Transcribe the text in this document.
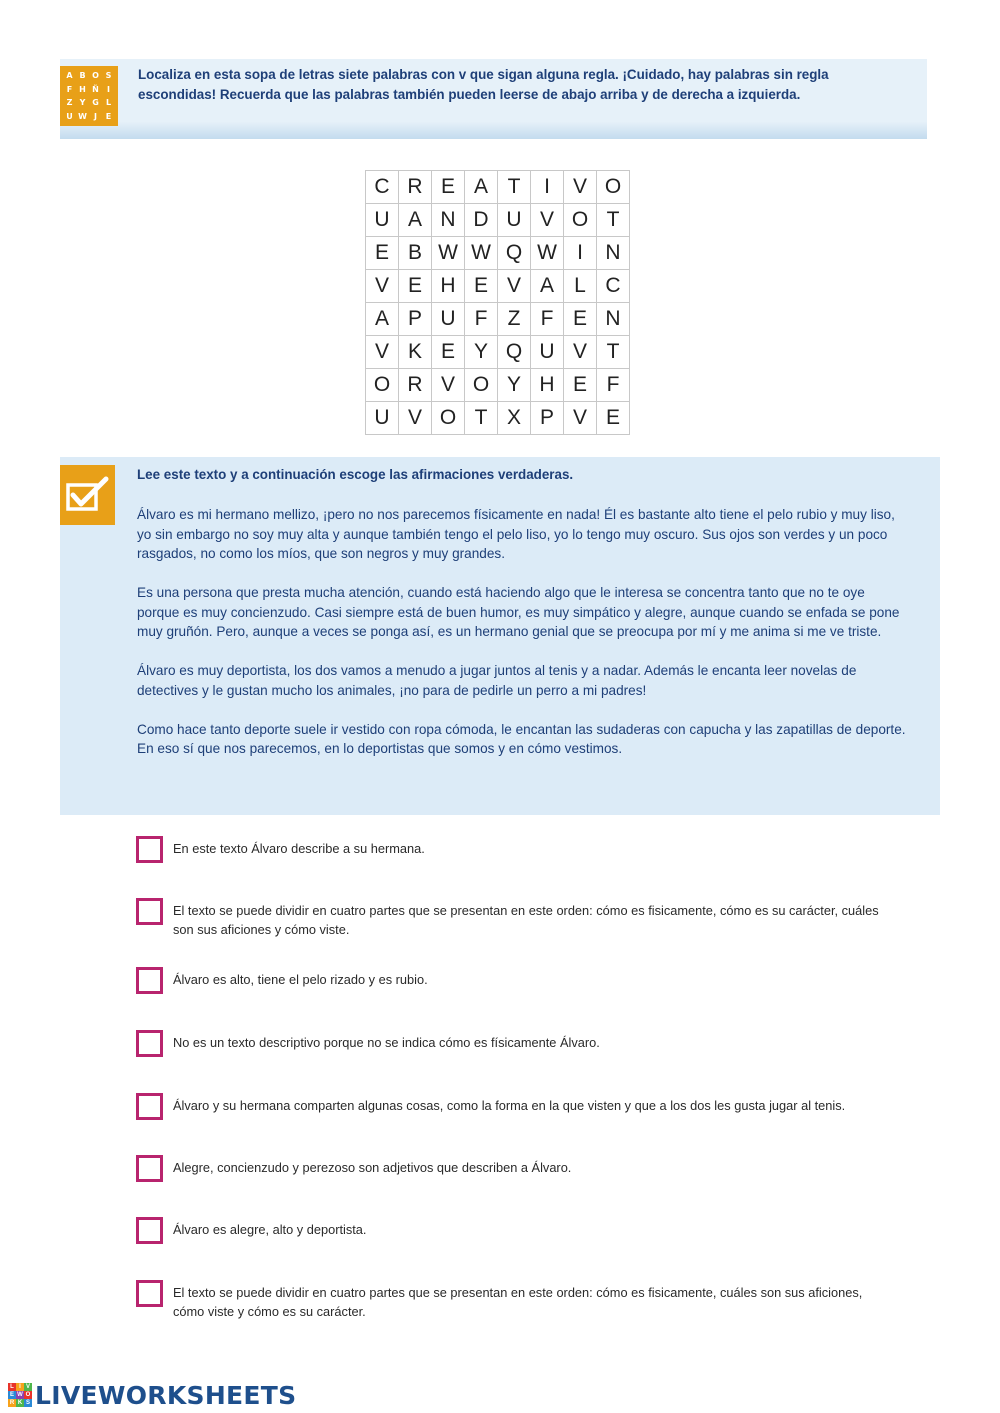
A B O S
F H Ñ	I
Z Y G L
U W J	E
Localiza en esta sopa de letras siete palabras con v que sigan alguna regla. ¡Cuidado, hay palabras sin regla
escondidas! Recuerda que las palabras también pueden leerse de abajo arriba y de derecha a izquierda.
C R E A T	I	V O
U A N D U V O T
E B W W Q W I	N
V E H E V A L C
A P U F Z F E N
V K E Y Q U V T
O R V O Y H E F
U V O T X P V E
Lee este texto y a continuación escoge las afirmaciones verdaderas.

Álvaro es mi hermano mellizo, ¡pero no nos parecemos físicamente en nada! Él es bastante alto tiene el pelo rubio y muy liso, yo sin embargo no soy muy alta y aunque también tengo el pelo liso, yo lo tengo muy oscuro. Sus ojos son verdes y un poco rasgados, no como los míos, que son negros y muy grandes.

Es una persona que presta mucha atención, cuando está haciendo algo que le interesa se concentra tanto que no te oye porque es muy concienzudo. Casi siempre está de buen humor, es muy simpático y alegre, aunque cuando se enfada se pone muy gruñón. Pero, aunque a veces se ponga así, es un hermano genial que se preocupa por mí y me anima si me ve triste.

Álvaro es muy deportista, los dos vamos a menudo a jugar juntos al tenis y a nadar. Además le encanta leer novelas de detectives y le gustan mucho los animales, ¡no para de pedirle un perro a mi padres!

Como hace tanto deporte suele ir vestido con ropa cómoda, le encantan las sudaderas con capucha y las zapatillas de deporte. En eso sí que nos parecemos, en lo deportistas que somos y en cómo vestimos.

En este texto Álvaro describe a su hermana.
El texto se puede dividir en cuatro partes que se presentan en este orden: cómo es fisicamente, cómo es su carácter, cuáles son sus aficiones y cómo viste.
Álvaro es alto, tiene el pelo rizado y es rubio.
No es un texto descriptivo porque no se indica cómo es físicamente Álvaro.
Álvaro y su hermana comparten algunas cosas, como la forma en la que visten y que a los dos les gusta jugar al tenis.
Alegre, concienzudo y perezoso son adjetivos que describen a Álvaro.
Álvaro es alegre, alto y deportista.
El texto se puede dividir en cuatro partes que se presentan en este orden: cómo es fisicamente, cuáles son sus aficiones, cómo viste y cómo es su carácter.
L I V
E W O
R K S LIVEWORKSHEETS
